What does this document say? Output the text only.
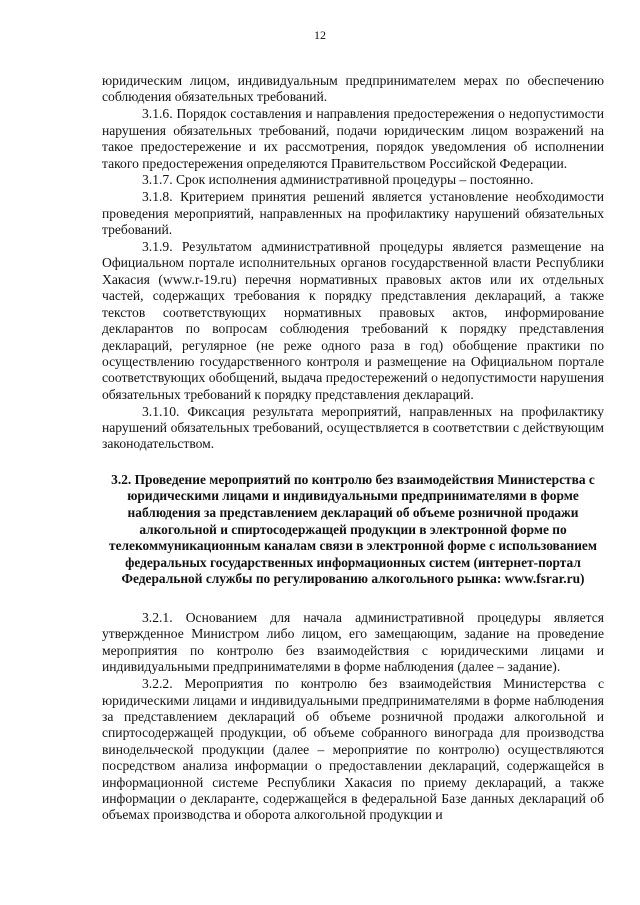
12

юридическим лицом, индивидуальным предпринимателем мерах по обеспечению соблюдения обязательных требований.

3.1.6. Порядок составления и направления предостережения о недопустимости нарушения обязательных требований, подачи юридическим лицом возражений на такое предостережение и их рассмотрения, порядок уведомления об исполнении такого предостережения определяются Правительством Российской Федерации.

3.1.7. Срок исполнения административной процедуры – постоянно.

3.1.8. Критерием принятия решений является установление необходимости проведения мероприятий, направленных на профилактику нарушений обязательных требований.

3.1.9. Результатом административной процедуры является размещение на Официальном портале исполнительных органов государственной власти Республики Хакасия (www.r-19.ru) перечня нормативных правовых актов или их отдельных частей, содержащих требования к порядку представления деклараций, а также текстов соответствующих нормативных правовых актов, информирование декларантов по вопросам соблюдения требований к порядку представления деклараций, регулярное (не реже одного раза в год) обобщение практики по осуществлению государственного контроля и размещение на Официальном портале соответствующих обобщений, выдача предостережений о недопустимости нарушения обязательных требований к порядку представления деклараций.

3.1.10. Фиксация результата мероприятий, направленных на профилактику нарушений обязательных требований, осуществляется в соответствии с действующим законодательством.

3.2. Проведение мероприятий по контролю без взаимодействия Министерства с юридическими лицами и индивидуальными предпринимателями в форме наблюдения за представлением деклараций об объеме розничной продажи алкогольной и спиртосодержащей продукции в электронной форме по телекоммуникационным каналам связи в электронной форме с использованием федеральных государственных информационных систем (интернет-портал Федеральной службы по регулированию алкогольного рынка: www.fsrar.ru)

3.2.1. Основанием для начала административной процедуры является утвержденное Министром либо лицом, его замещающим, задание на проведение мероприятия по контролю без взаимодействия с юридическими лицами и индивидуальными предпринимателями в форме наблюдения (далее – задание).

3.2.2. Мероприятия по контролю без взаимодействия Министерства с юридическими лицами и индивидуальными предпринимателями в форме наблюдения за представлением деклараций об объеме розничной продажи алкогольной и спиртосодержащей продукции, об объеме собранного винограда для производства винодельческой продукции (далее – мероприятие по контролю) осуществляются посредством анализа информации о предоставлении деклараций, содержащейся в информационной системе Республики Хакасия по приему деклараций, а также информации о декларанте, содержащейся в федеральной Базе данных деклараций об объемах производства и оборота алкогольной продукции и
